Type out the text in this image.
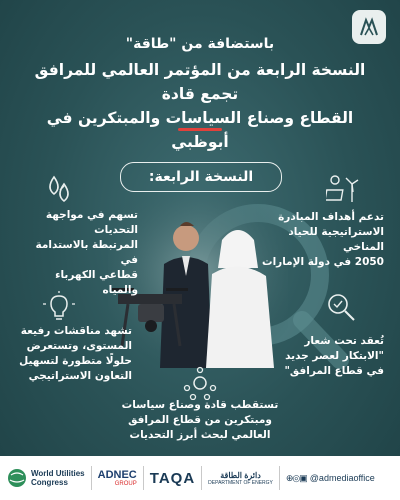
باستضافة من "طاقة"
النسخة الرابعة من المؤتمر العالمي للمرافق تجمع قادة
القطاع وصناع السياسات والمبتكرين في أبوظبي
النسخة الرابعة:
تسهم في مواجهة التحديات
المرتبطة بالاستدامة في
قطاعي الكهرباء والمياه
تدعم أهداف المبادرة
الاستراتيجية للحياد المناخي
2050 في دولة الإمارات
تشهد مناقشات رفيعة
المستوى، وتستعرض
حلولًا متطورة لتسهيل
التعاون الاستراتيجي
تُعقد تحت شعار
"الابتكار لعصر جديد
في قطاع المرافق"
تستقطب قادة وصناع سياسات
ومبتكرين من قطاع المرافق
العالمي لبحث أبرز التحديات
World Utilities
Congress
ADNEC
GROUP TAQA	دائرة الطاقة
DEPARTMENT OF ENERGY ⊕◎▣ @admediaoffice
